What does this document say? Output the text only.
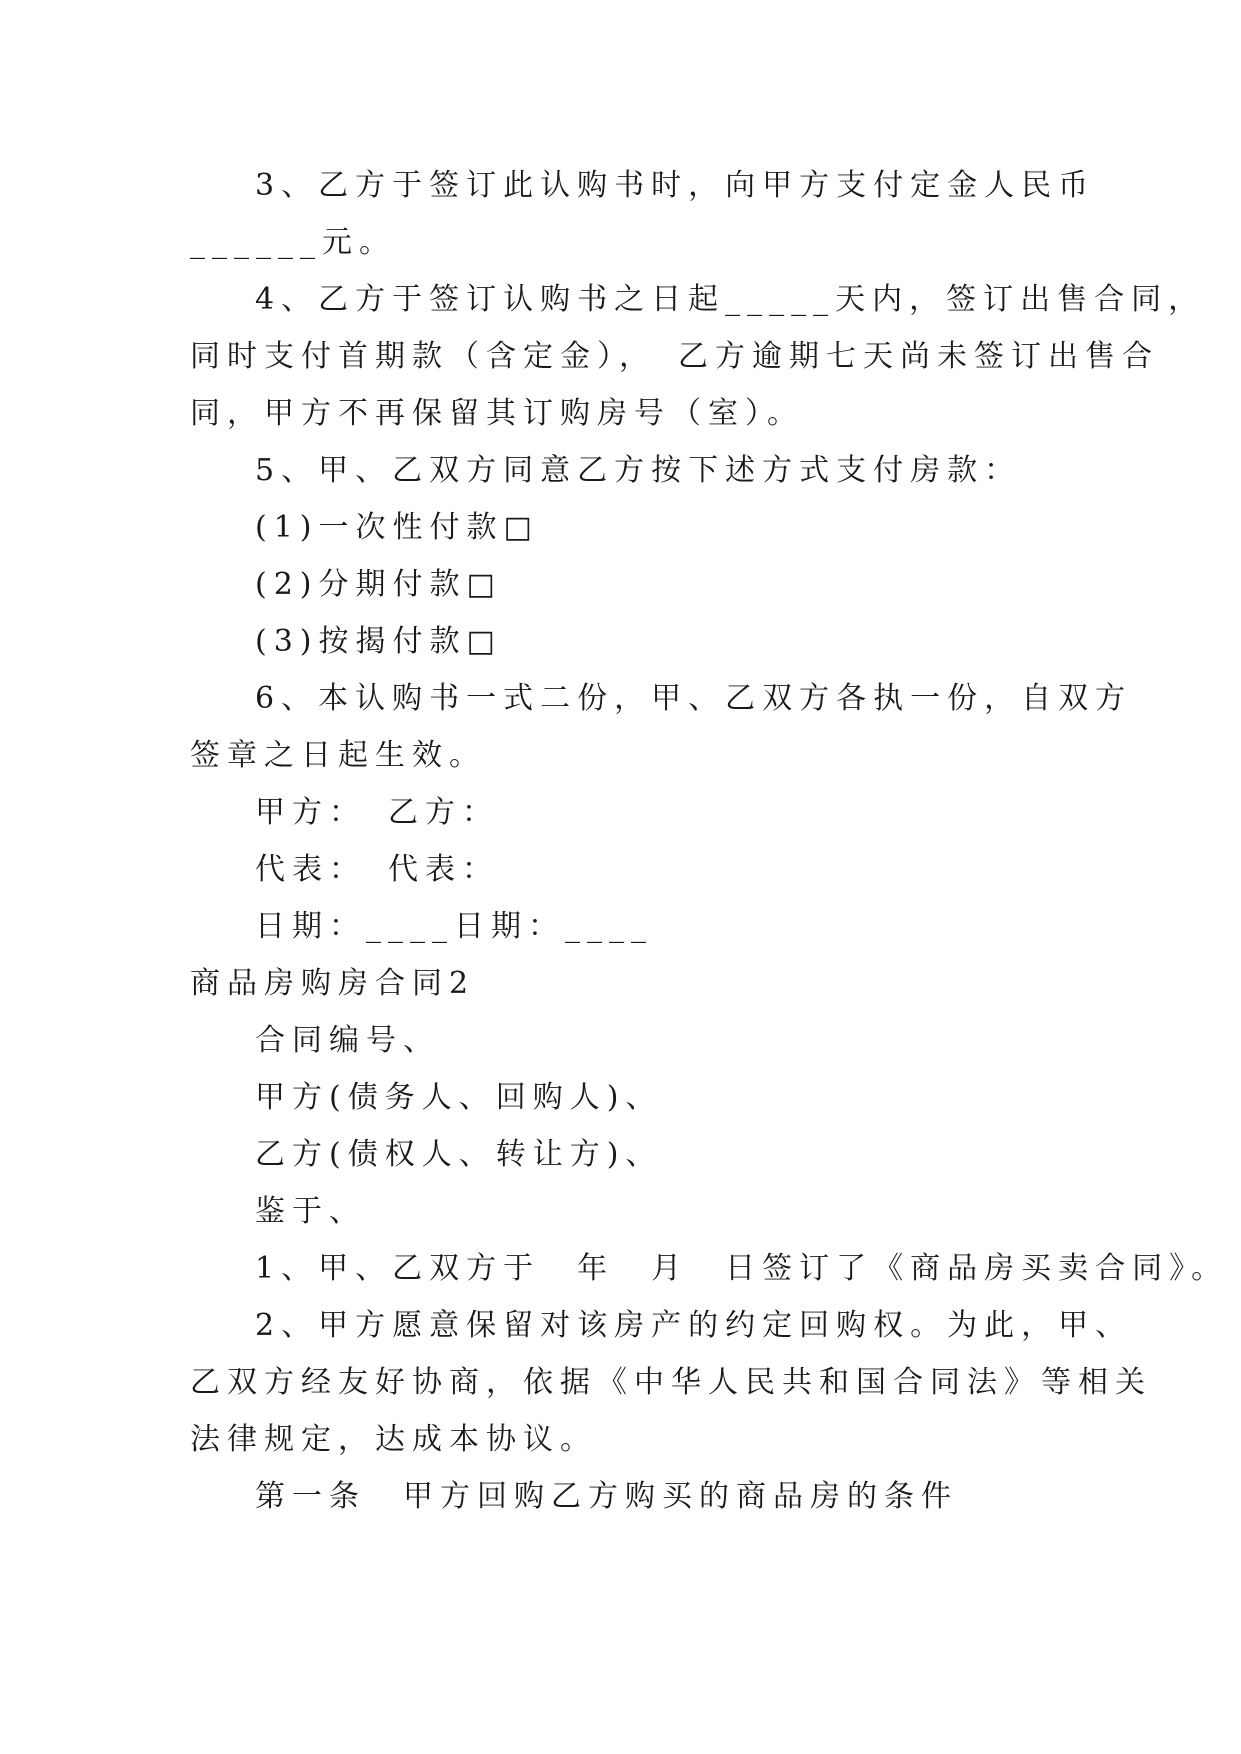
3、乙方于签订此认购书时，向甲方支付定金人民币
______元。
4、乙方于签订认购书之日起_____天内，签订出售合同，
同时支付首期款（含定金），　乙方逾期七天尚未签订出售合
同，甲方不再保留其订购房号（室）。
5、甲、乙双方同意乙方按下述方式支付房款：
(1)一次性付款□
(2)分期付款□
(3)按揭付款□
6、本认购书一式二份，甲、乙双方各执一份，自双方
签章之日起生效。
甲方：　乙方：
代表：　代表：
日期：____日期：____
商品房购房合同2
合同编号、
甲方(债务人、回购人)、
乙方(债权人、转让方)、
鉴于、
1、甲、乙双方于　年　月　日签订了《商品房买卖合同》。
2、甲方愿意保留对该房产的约定回购权。为此，甲、
乙双方经友好协商，依据《中华人民共和国合同法》等相关
法律规定，达成本协议。
第一条　甲方回购乙方购买的商品房的条件
